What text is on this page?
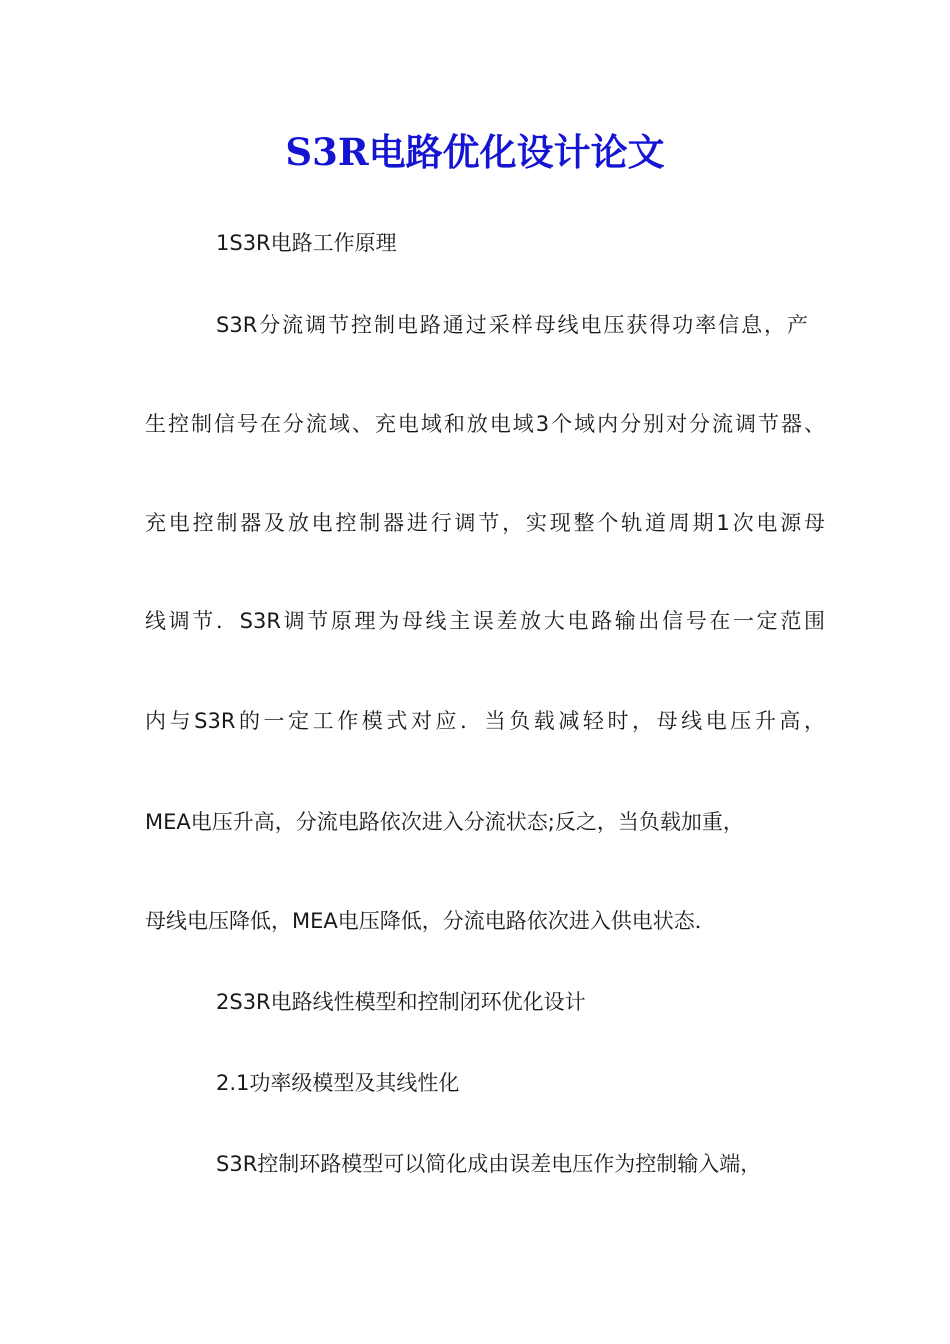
S3R电路优化设计论文

1S3R电路工作原理

S3R分流调节控制电路通过采样母线电压获得功率信息，产

生控制信号在分流域、充电域和放电域3个域内分别对分流调节器、

充电控制器及放电控制器进行调节，实现整个轨道周期1次电源母

线调节．S3R调节原理为母线主误差放大电路输出信号在一定范围

内与S3R的一定工作模式对应．当负载减轻时，母线电压升高，

MEA电压升高，分流电路依次进入分流状态;反之，当负载加重，

母线电压降低，MEA电压降低，分流电路依次进入供电状态．

2S3R电路线性模型和控制闭环优化设计

2.1功率级模型及其线性化

S3R控制环路模型可以简化成由误差电压作为控制输入端，
